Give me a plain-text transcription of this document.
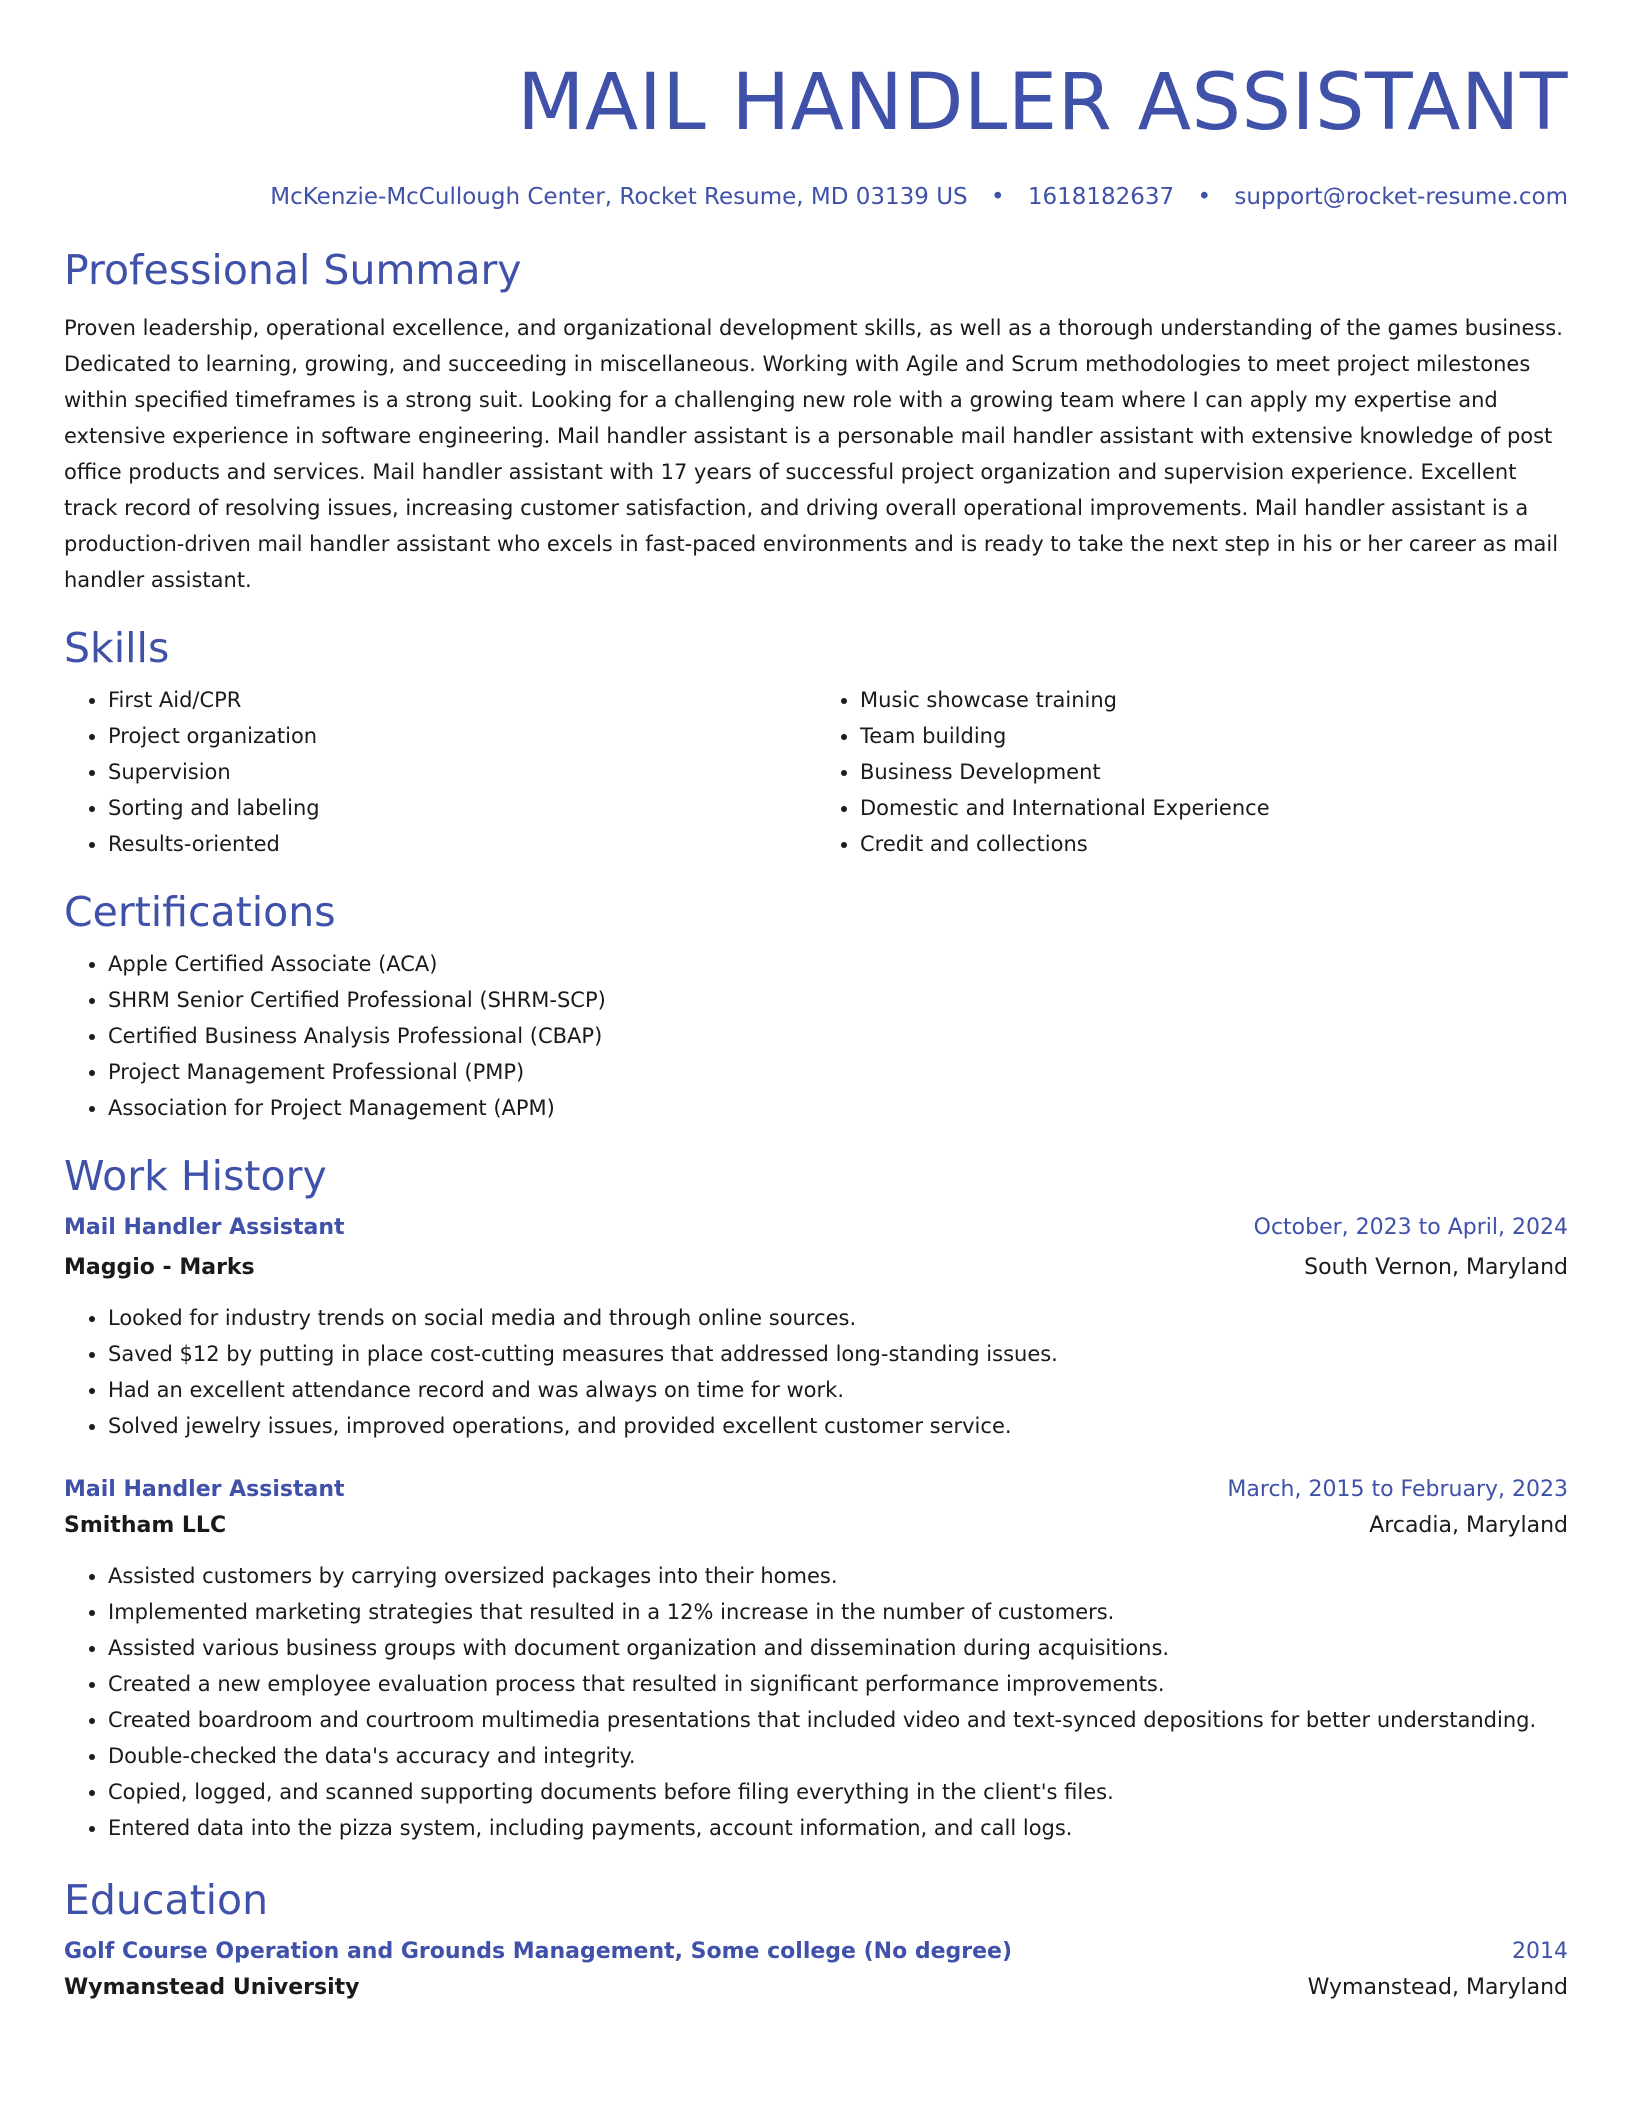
MAIL HANDLER ASSISTANT
McKenzie-McCullough Center, Rocket Resume, MD 03139 US • 1618182637 • support@rocket-resume.com
Professional Summary

Proven leadership, operational excellence, and organizational development skills, as well as a thorough understanding of the games business. Dedicated to learning, growing, and succeeding in miscellaneous. Working with Agile and Scrum methodologies to meet project milestones within specified timeframes is a strong suit. Looking for a challenging new role with a growing team where I can apply my expertise and extensive experience in software engineering. Mail handler assistant is a personable mail handler assistant with extensive knowledge of post office products and services. Mail handler assistant with 17 years of successful project organization and supervision experience. Excellent track record of resolving issues, increasing customer satisfaction, and driving overall operational improvements. Mail handler assistant is a production-driven mail handler assistant who excels in fast-paced environments and is ready to take the next step in his or her career as mail handler assistant.

Skills
• First Aid/CPR
• Project organization
• Supervision
• Sorting and labeling
• Results-oriented
• Music showcase training
• Team building
• Business Development
• Domestic and International Experience
• Credit and collections
Certifications
• Apple Certified Associate (ACA)
• SHRM Senior Certified Professional (SHRM-SCP)
• Certified Business Analysis Professional (CBAP)
• Project Management Professional (PMP)
• Association for Project Management (APM)
Work History
Mail Handler Assistant	October, 2023 to April, 2024
Maggio - Marks	South Vernon, Maryland
• Looked for industry trends on social media and through online sources.
• Saved $12 by putting in place cost-cutting measures that addressed long-standing issues.
• Had an excellent attendance record and was always on time for work.
• Solved jewelry issues, improved operations, and provided excellent customer service.
Mail Handler Assistant	March, 2015 to February, 2023
Smitham LLC	Arcadia, Maryland
• Assisted customers by carrying oversized packages into their homes.
• Implemented marketing strategies that resulted in a 12% increase in the number of customers.
• Assisted various business groups with document organization and dissemination during acquisitions.
• Created a new employee evaluation process that resulted in significant performance improvements.
• Created boardroom and courtroom multimedia presentations that included video and text-synced depositions for better understanding.
• Double-checked the data's accuracy and integrity.
• Copied, logged, and scanned supporting documents before filing everything in the client's files.
• Entered data into the pizza system, including payments, account information, and call logs.
Education
Golf Course Operation and Grounds Management, Some college (No degree)	2014
Wymanstead University	Wymanstead, Maryland
